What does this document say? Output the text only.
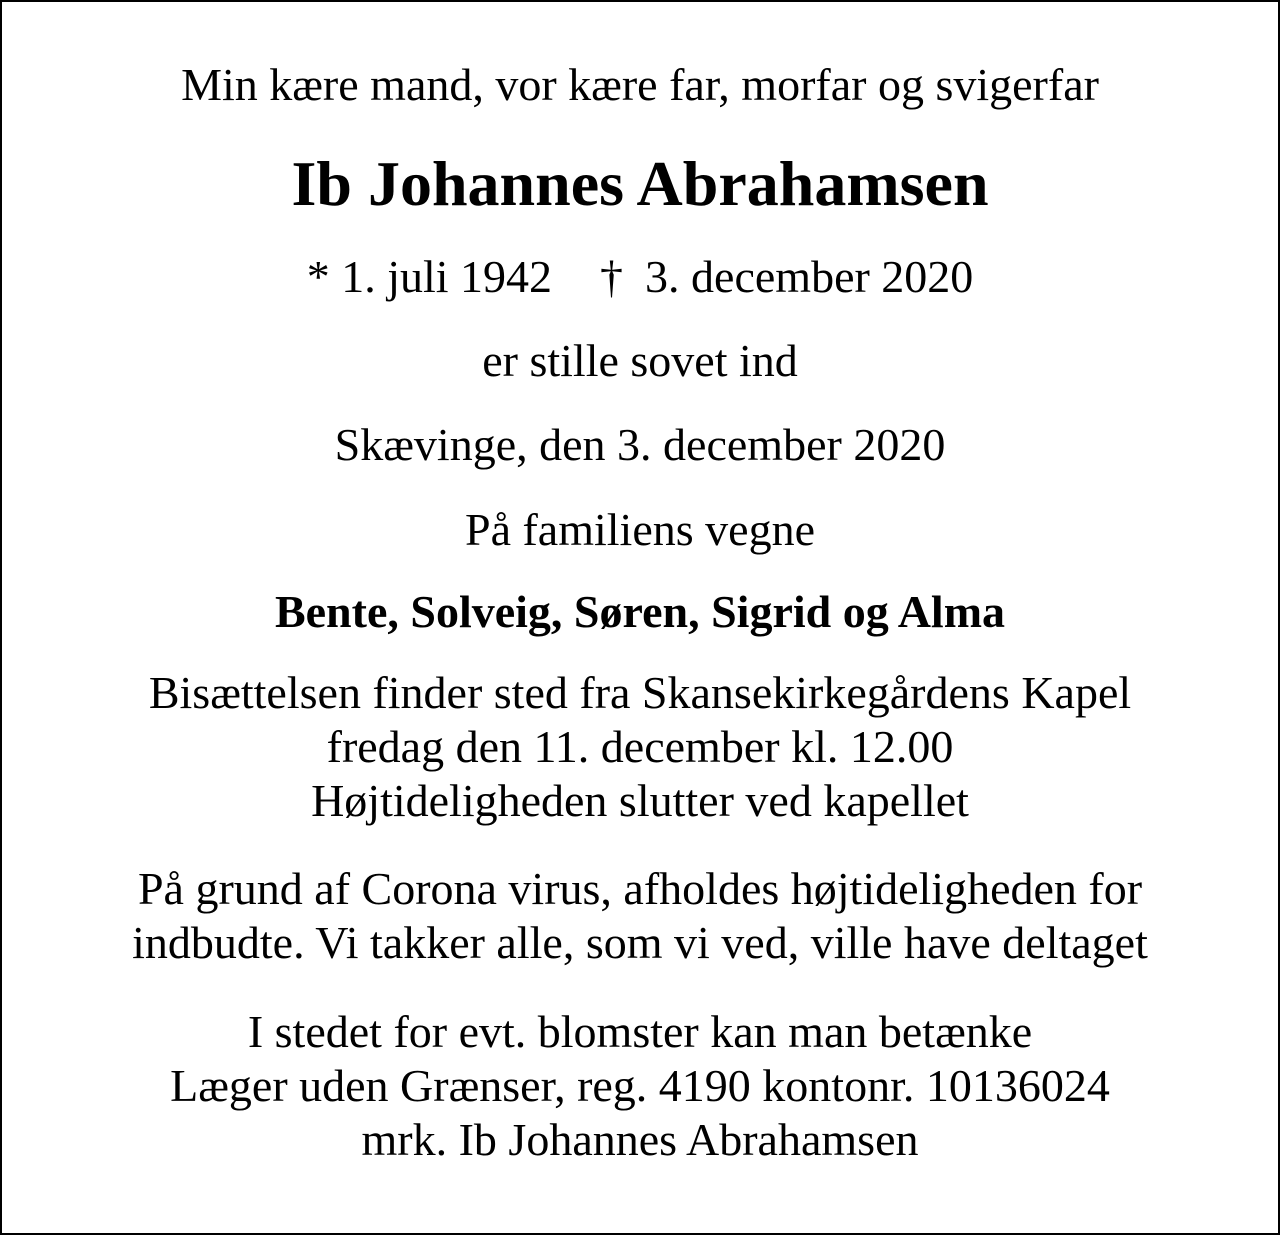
Min kære mand, vor kære far, morfar og svigerfar

Ib Johannes Abrahamsen

* 1. juli 1942 † 3. december 2020

er stille sovet ind

Skævinge, den 3. december 2020

På familiens vegne

Bente, Solveig, Søren, Sigrid og Alma

Bisættelsen finder sted fra Skansekirkegårdens Kapel
fredag den 11. december kl. 12.00
Højtideligheden slutter ved kapellet
På grund af Corona virus, afholdes højtideligheden for
indbudte. Vi takker alle, som vi ved, ville have deltaget
I stedet for evt. blomster kan man betænke
Læger uden Grænser, reg. 4190 kontonr. 10136024
mrk. Ib Johannes Abrahamsen
